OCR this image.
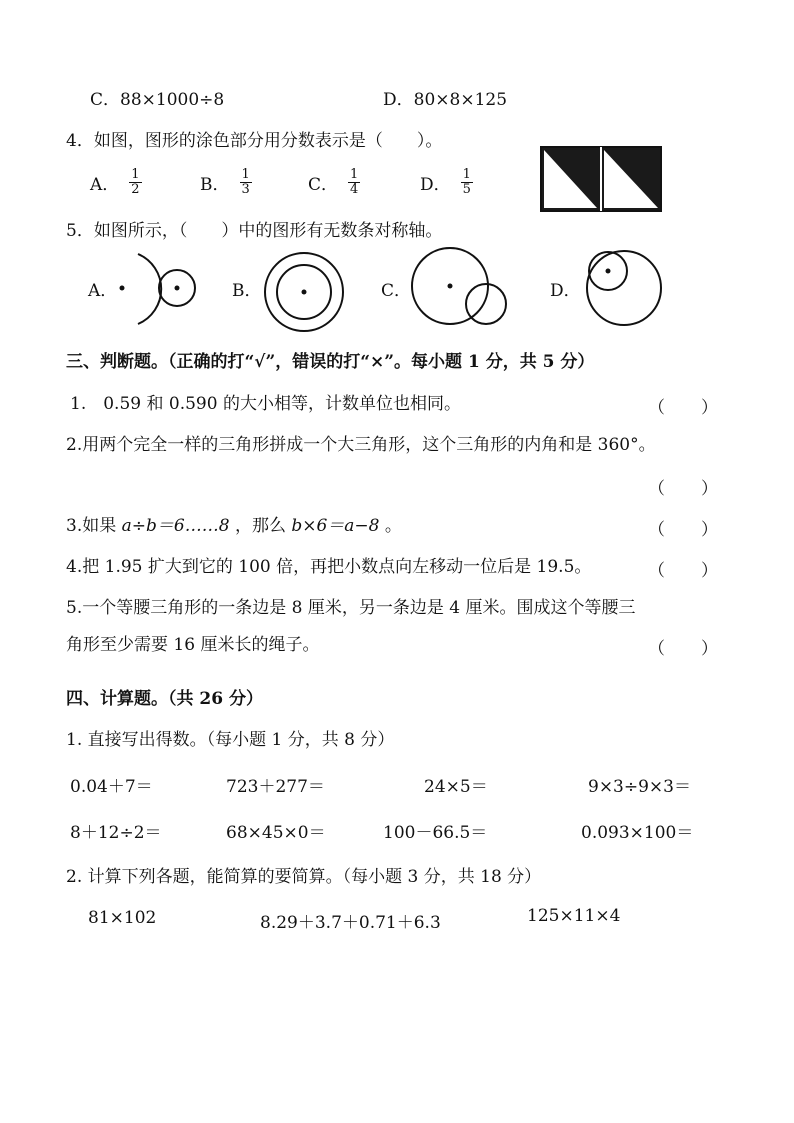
C．88×1000÷8	D．80×8×125
4．如图，图形的涂色部分用分数表示是（　　）。
A． $\frac{1}{2}$	B． $\frac{1}{3}$	C． $\frac{1}{4}$	D． $\frac{1}{5}$
5．如图所示，（　　）中的图形有无数条对称轴。
A．	B．	C．	D．
三、判断题。（正确的打“√”，错误的打“×”。每小题 1 分，共 5 分）
1.　0.59 和 0.590 的大小相等，计数单位也相同。	（ ）
2.用两个完全一样的三角形拼成一个大三角形，这个三角形的内角和是 360°。
（ ）
3.如果 a÷b＝6……8 ，那么 b×6＝a−8 。	（ ）
4.把 1.95 扩大到它的 100 倍，再把小数点向左移动一位后是 19.5。	（ ）
5.一个等腰三角形的一条边是 8 厘米，另一条边是 4 厘米。围成这个等腰三
角形至少需要 16 厘米长的绳子。	（ ）
四、计算题。（共 26 分）
1. 直接写出得数。（每小题 1 分，共 8 分）
0.04＋7＝	723＋277＝	24×5＝	9×3÷9×3＝
8＋12÷2＝	68×45×0＝	100－66.5＝	0.093×100＝
2. 计算下列各题，能简算的要简算。（每小题 3 分，共 18 分）
81×102	8.29＋3.7＋0.71＋6.3	125×11×4
